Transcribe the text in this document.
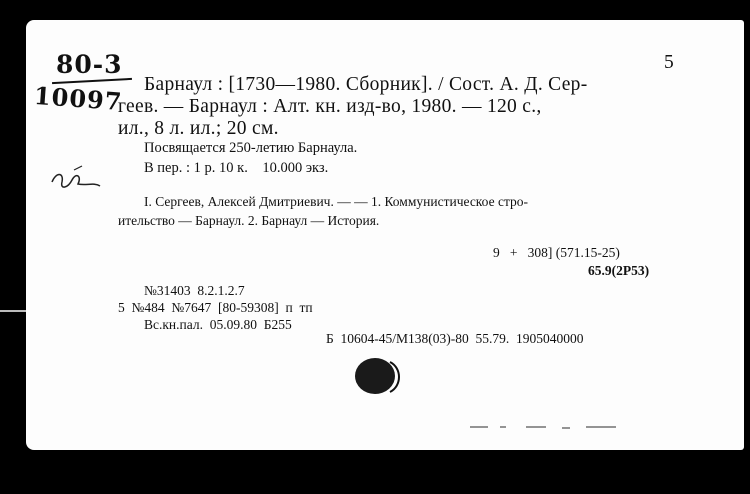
80-3
10097
5
Барнаул : [1730—1980. Сборник]. / Сост. А. Д. Сер-
геев. — Барнаул : Алт. кн. изд-во, 1980. — 120 с.,
ил., 8 л. ил.; 20 см.
Посвящается 250-летию Барнаула.
В пер. : 1 р. 10 к.    10.000 экз.
I. Сергеев, Алексей Дмитриевич. — — 1. Коммунистическое стро-
ительство — Барнаул. 2. Барнаул — История.
9   +   308] (571.15-25)
65.9(2Р53)
№31403  8.2.1.2.7
5  №484  №7647  [80-59308]  п  тп
Вс.кн.пал.  05.09.80  Б255
Б  10604-45/М138(03)-80  55.79.  1905040000
